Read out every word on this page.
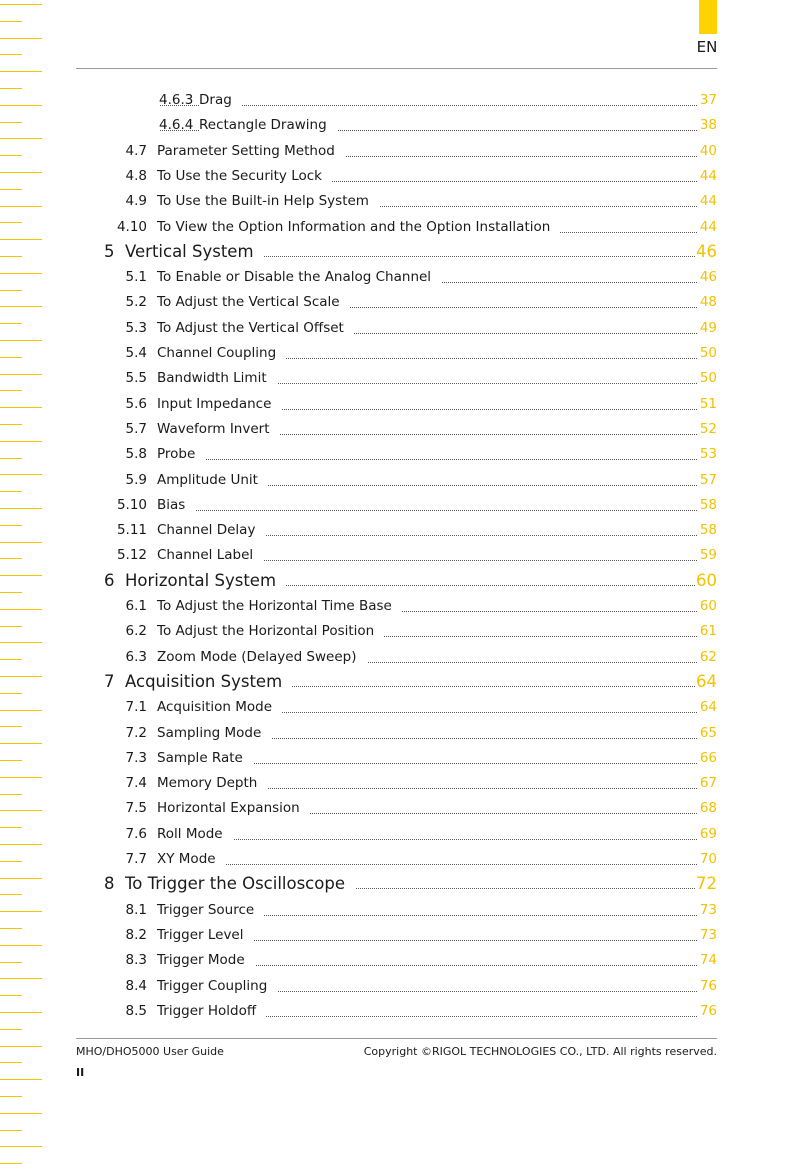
EN
4.6.3 Drag	37
4.6.4 Rectangle Drawing	38
4.7 Parameter Setting Method	40
4.8 To Use the Security Lock	44
4.9 To Use the Built-in Help System	44
4.10 To View the Option Information and the Option Installation	44
5 Vertical System	46
5.1 To Enable or Disable the Analog Channel	46
5.2 To Adjust the Vertical Scale	48
5.3 To Adjust the Vertical Offset	49
5.4 Channel Coupling	50
5.5 Bandwidth Limit	50
5.6 Input Impedance	51
5.7 Waveform Invert	52
5.8 Probe	53
5.9 Amplitude Unit	57
5.10 Bias	58
5.11 Channel Delay	58
5.12 Channel Label	59
6 Horizontal System	60
6.1 To Adjust the Horizontal Time Base	60
6.2 To Adjust the Horizontal Position	61
6.3 Zoom Mode (Delayed Sweep)	62
7 Acquisition System	64
7.1 Acquisition Mode	64
7.2 Sampling Mode	65
7.3 Sample Rate	66
7.4 Memory Depth	67
7.5 Horizontal Expansion	68
7.6 Roll Mode	69
7.7 XY Mode	70
8 To Trigger the Oscilloscope	72
8.1 Trigger Source	73
8.2 Trigger Level	73
8.3 Trigger Mode	74
8.4 Trigger Coupling	76
8.5 Trigger Holdoff	76
MHO/DHO5000 User Guide	Copyright ©RIGOL TECHNOLOGIES CO., LTD. All rights reserved.
II
